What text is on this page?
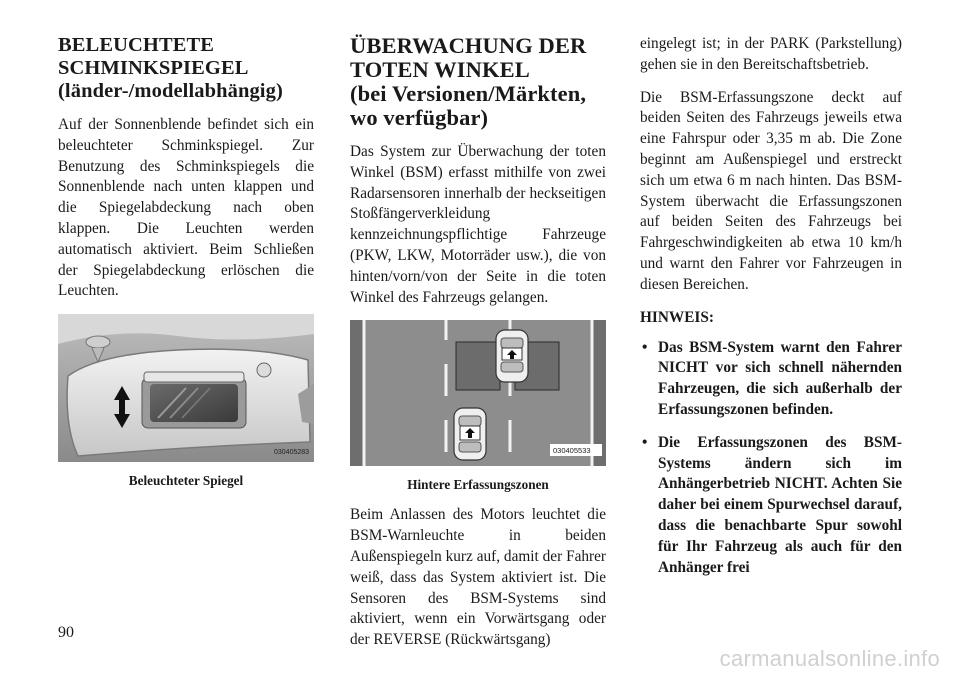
BELEUCHTETE
SCHMINKSPIEGEL
(länder-/modellabhängig)

Auf der Sonnenblende befindet sich ein beleuchteter Schminkspiegel. Zur Benutzung des Schminkspiegels die Sonnenblende nach unten klappen und die Spiegelabdeckung nach oben klappen. Die Leuchten werden automatisch aktiviert. Beim Schließen der Spiegelabdeckung erlöschen die Leuchten.

030405283
Beleuchteter Spiegel
ÜBERWACHUNG DER
TOTEN WINKEL
(bei Versionen/Märkten,
wo verfügbar)

Das System zur Überwachung der toten Winkel (BSM) erfasst mithilfe von zwei Radarsensoren innerhalb der heckseitigen Stoßfängerverkleidung kennzeichnungspflichtige Fahrzeuge (PKW, LKW, Motorräder usw.), die von hinten/vorn/von der Seite in die toten Winkel des Fahrzeugs gelangen.

030405533
Hintere Erfassungszonen

Beim Anlassen des Motors leuchtet die BSM-Warnleuchte in beiden Außenspiegeln kurz auf, damit der Fahrer weiß, dass das System aktiviert ist. Die Sensoren des BSM-Systems sind aktiviert, wenn ein Vorwärtsgang oder der REVERSE (Rückwärtsgang)

eingelegt ist; in der PARK (Parkstellung) gehen sie in den Bereitschaftsbetrieb.

Die BSM-Erfassungszone deckt auf beiden Seiten des Fahrzeugs jeweils etwa eine Fahrspur oder 3,35 m ab. Die Zone beginnt am Außenspiegel und erstreckt sich um etwa 6 m nach hinten. Das BSM-System überwacht die Erfassungszonen auf beiden Seiten des Fahrzeugs bei Fahrgeschwindigkeiten ab etwa 10 km/h und warnt den Fahrer vor Fahrzeugen in diesen Bereichen.

HINWEIS:
• Das BSM-System warnt den Fahrer NICHT vor sich schnell nähernden Fahrzeugen, die sich außerhalb der Erfassungszonen befinden.
• Die Erfassungszonen des BSM-Systems ändern sich im Anhängerbetrieb NICHT. Achten Sie daher bei einem Spurwechsel darauf, dass die benachbarte Spur sowohl für Ihr Fahrzeug als auch für den Anhänger frei
90
carmanualsonline.info
